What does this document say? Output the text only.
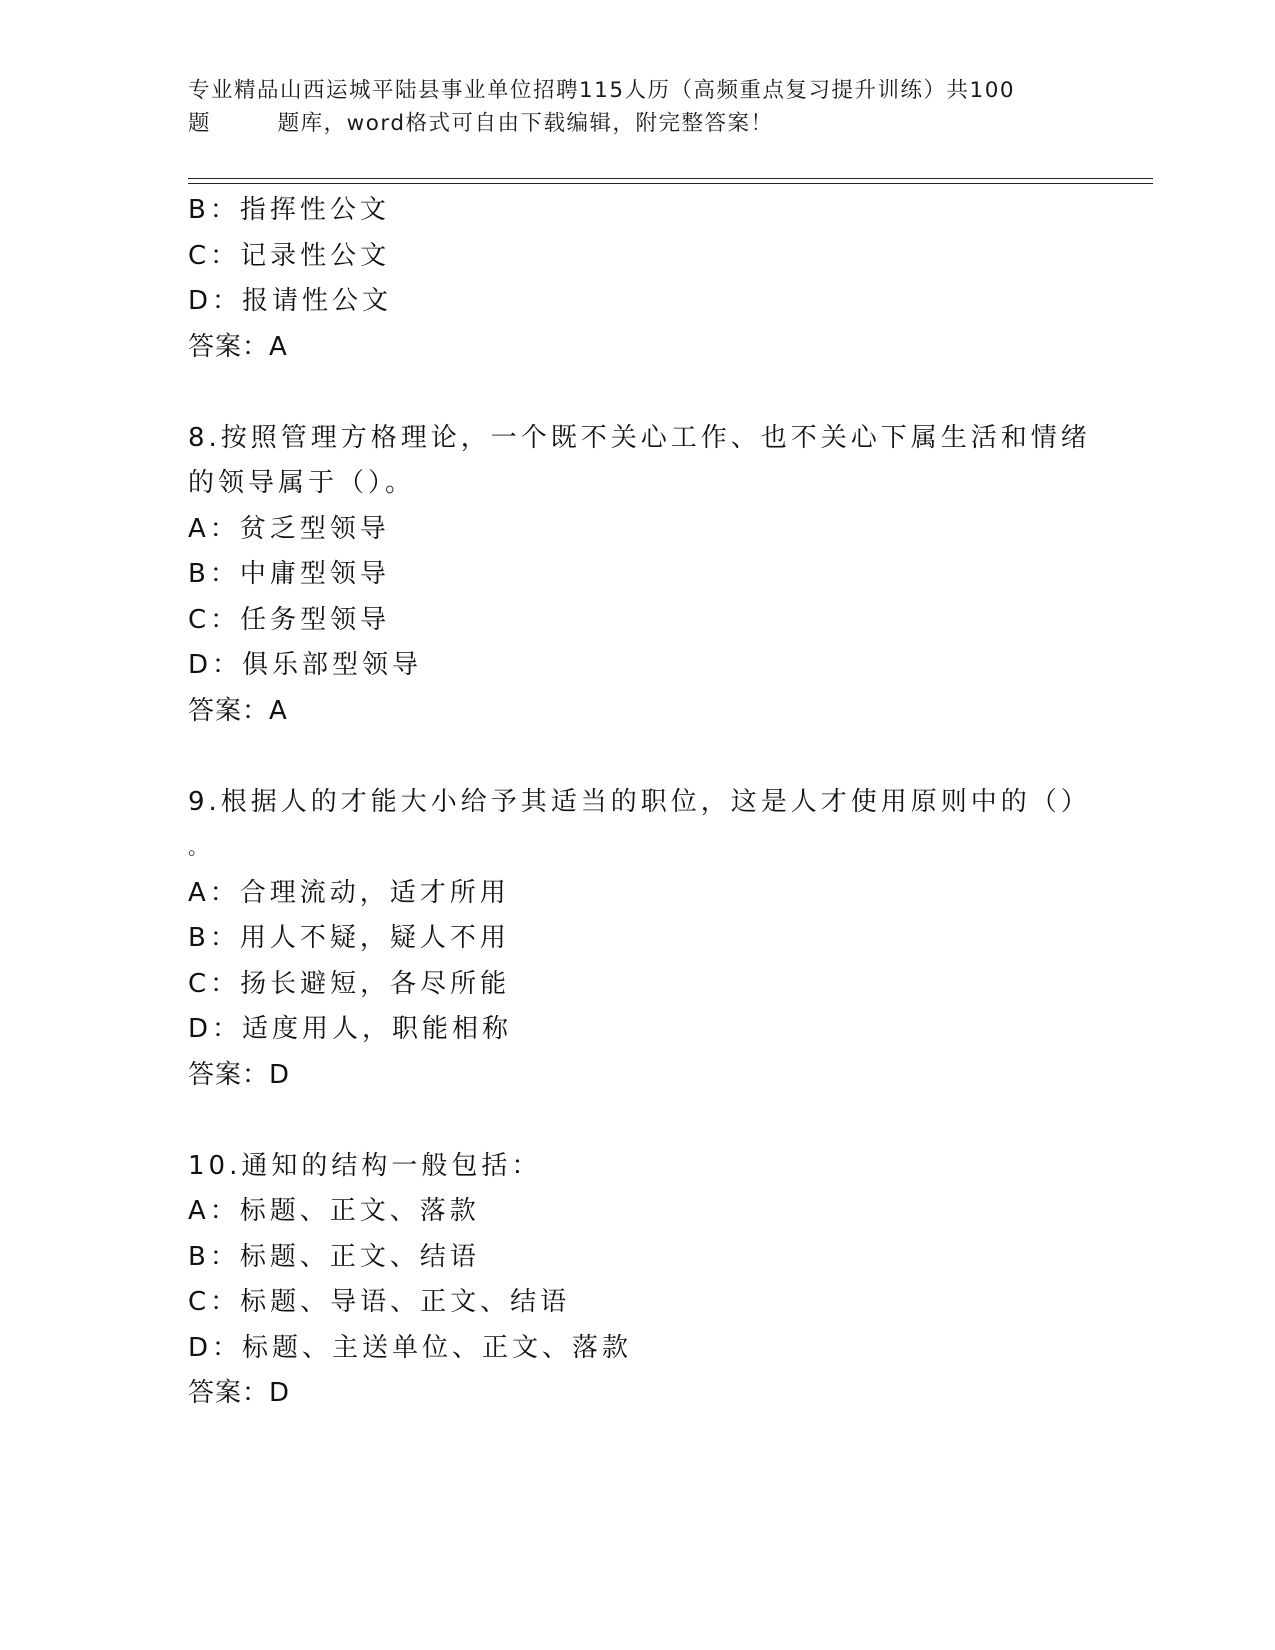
专业精品山西运城平陆县事业单位招聘115人历（高频重点复习提升训练）共100
题        题库，word格式可自由下载编辑，附完整答案！
B：指挥性公文
C：记录性公文
D：报请性公文
答案：A
8.按照管理方格理论，一个既不关心工作、也不关心下属生活和情绪
的领导属于（）。
A：贫乏型领导
B：中庸型领导
C：任务型领导
D：俱乐部型领导
答案：A
9.根据人的才能大小给予其适当的职位，这是人才使用原则中的（）
。
A：合理流动，适才所用
B：用人不疑，疑人不用
C：扬长避短，各尽所能
D：适度用人，职能相称
答案：D
10.通知的结构一般包括：
A：标题、正文、落款
B：标题、正文、结语
C：标题、导语、正文、结语
D：标题、主送单位、正文、落款
答案：D
